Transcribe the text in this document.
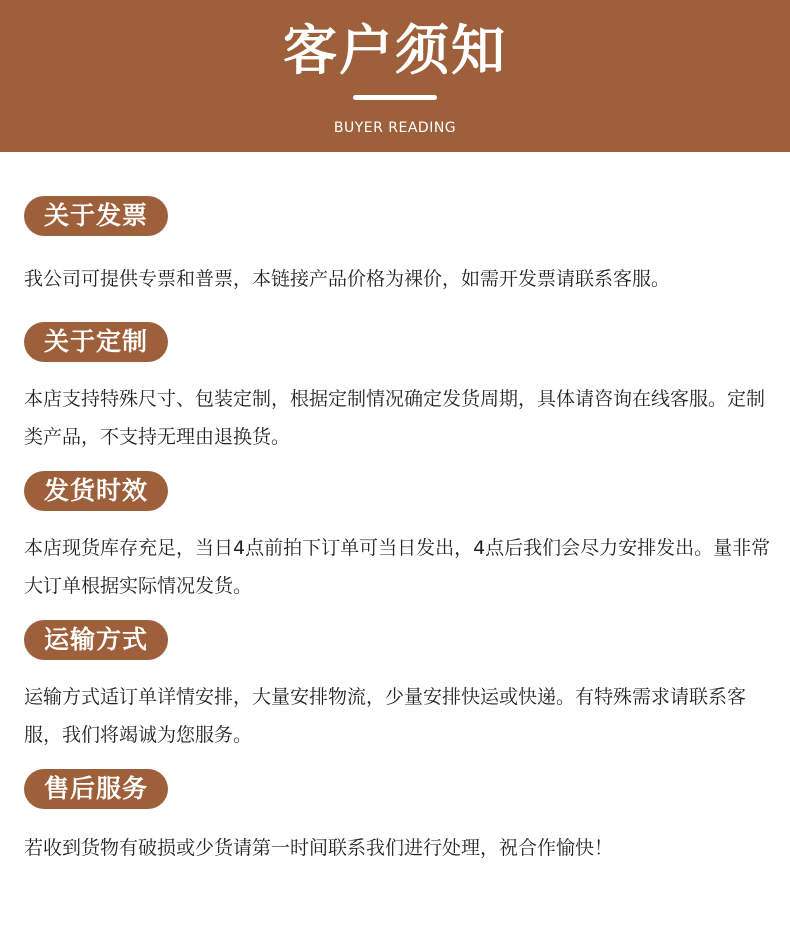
客户须知
BUYER READING
关于发票

我公司可提供专票和普票，本链接产品价格为裸价，如需开发票请联系客服。

关于定制

本店支持特殊尺寸、包装定制，根据定制情况确定发货周期，具体请咨询在线客服。定制类产品，不支持无理由退换货。

发货时效

本店现货库存充足，当日4点前拍下订单可当日发出，4点后我们会尽力安排发出。量非常大订单根据实际情况发货。

运输方式

运输方式适订单详情安排，大量安排物流，少量安排快运或快递。有特殊需求请联系客服，我们将竭诚为您服务。

售后服务

若收到货物有破损或少货请第一时间联系我们进行处理，祝合作愉快！
